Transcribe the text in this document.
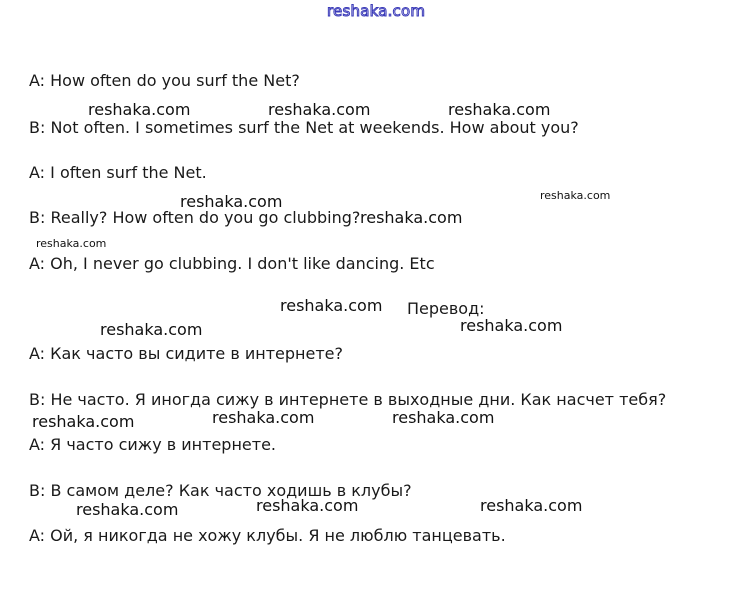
reshaka.com
A: How often do you surf the Net?
B: Not often. I sometimes surf the Net at weekends. How about you?
A: I often surf the Net.
B: Really? How often do you go clubbing?
A: Oh, I never go clubbing. I don't like dancing. Etc
Перевод:
A: Как часто вы сидите в интернете?
B: Не часто. Я иногда сижу в интернете в выходные дни. Как насчет тебя?
A: Я часто сижу в интернете.
B: В самом деле? Как часто ходишь в клубы?
A: Ой, я никогда не хожу клубы. Я не люблю танцевать.
reshaka.com	reshaka.com	reshaka.com
reshaka.com	reshaka.com
reshaka.com
reshaka.com
reshaka.com
reshaka.com	reshaka.com
reshaka.com	reshaka.com	reshaka.com
reshaka.com	reshaka.com	reshaka.com
